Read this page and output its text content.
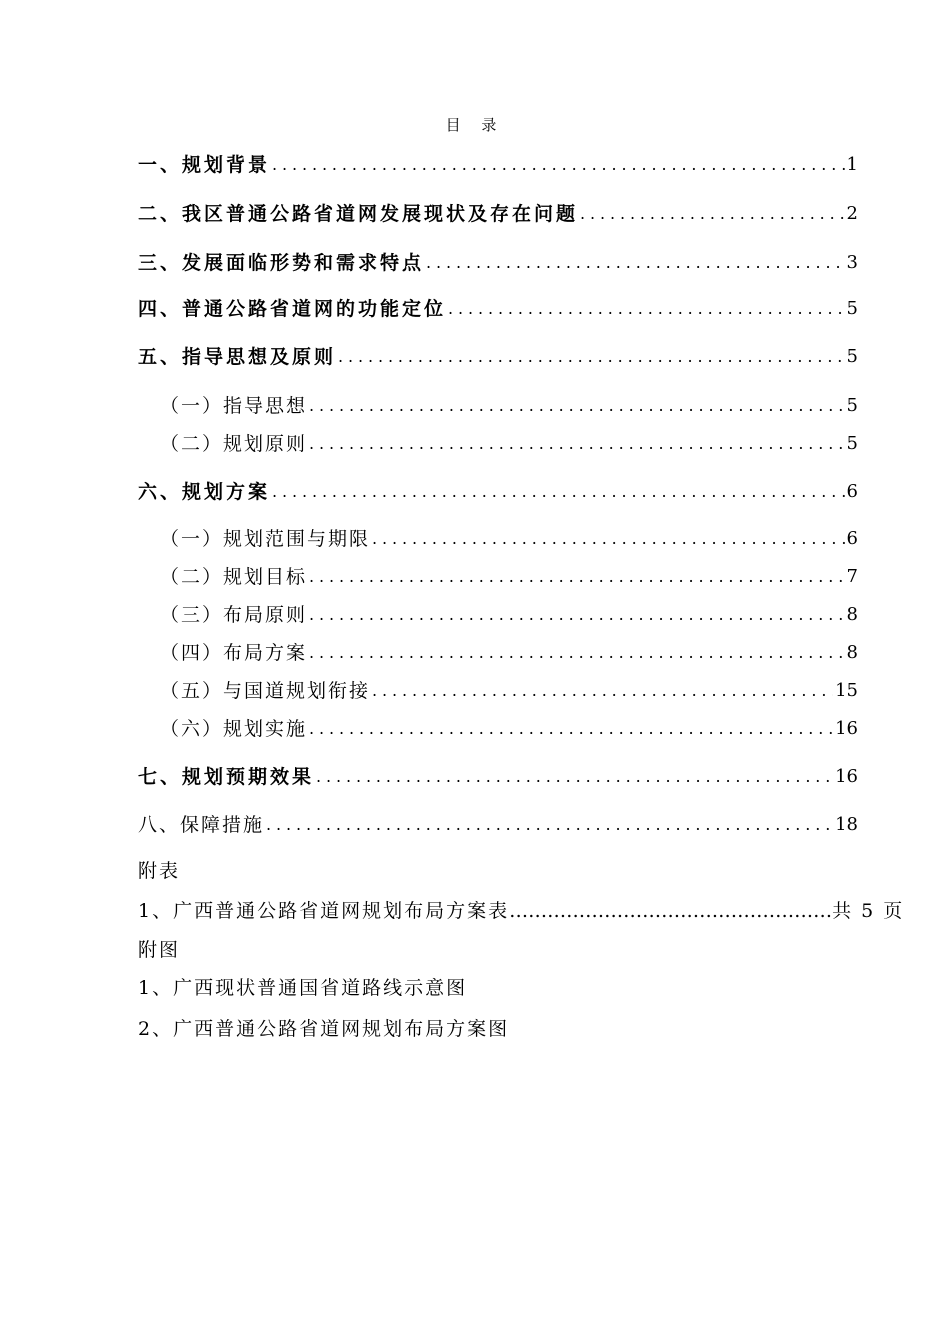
目 录
一、规划背景 .....	1
二、我区普通公路省道网发展现状及存在问题 .....	2
三、发展面临形势和需求特点 .....	3
四、普通公路省道网的功能定位 .....	5
五、指导思想及原则 .....	5
（一）指导思想 .....	5
（二）规划原则 .....	5
六、规划方案 .....	6
（一）规划范围与期限 .....	6
（二）规划目标 .....	7
（三）布局原则 .....	8
（四）布局方案 .....	8
（五）与国道规划衔接 .....	15
（六）规划实施 .....	16
七、规划预期效果 .....	16
八、保障措施 .....	18
附表
1、广西普通公路省道网规划布局方案表 …………………………………………… 共 5 页
附图
1、广西现状普通国省道路线示意图
2、广西普通公路省道网规划布局方案图
